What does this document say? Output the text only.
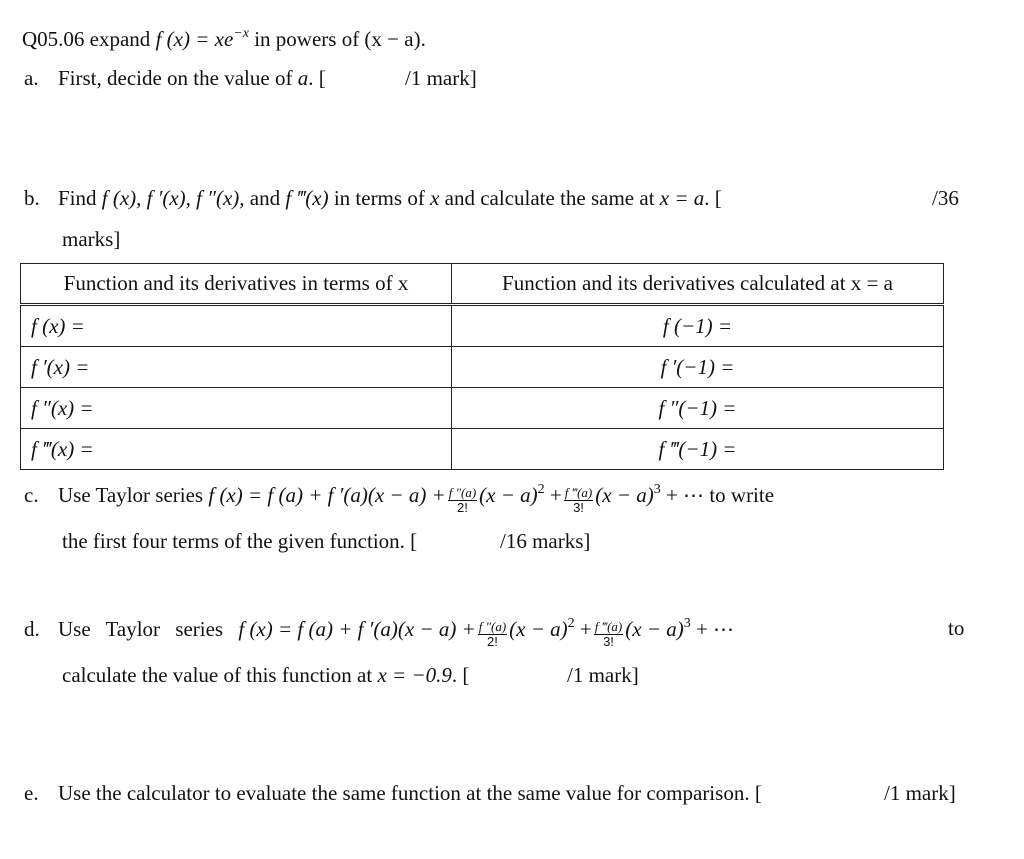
Q05.06 expand f $(x) = xe^{-x}$ in powers of (x − a).
a. First, decide on the value of a. [	/1 mark]
b. Find f (x), f ′(x), f ″(x), and f ‴(x) in terms of x and calculate the same at x = a. [	/36
marks]
Function and its derivatives in terms of x	Function and its derivatives calculated at x = a
f (x) =	f (−1) =
f ′(x) =	f ′(−1) =
f ″(x) =	f ″(−1) =
f ‴(x) =	f ‴(−1) =
c. Use Taylor series f (x) = f (a) + f $'(a)(x - a) + \frac{f ''(a)}{2!} (x - a)^2 + \frac{f ‴(a)}{3!} (x - a)^3$ + ⋯ to write
the first four terms of the given function. [	/16 marks]
d. Use Taylor series f (x) = f (a) + f $'(a)(x - a) + \frac{f ''(a)}{2!} (x - a)^2 + \frac{f ‴(a)}{3!} (x - a)^3$ + ⋯	to
calculate the value of this function at x = −0.9. [	/1 mark]
e. Use the calculator to evaluate the same function at the same value for comparison. [	/1 mark]
